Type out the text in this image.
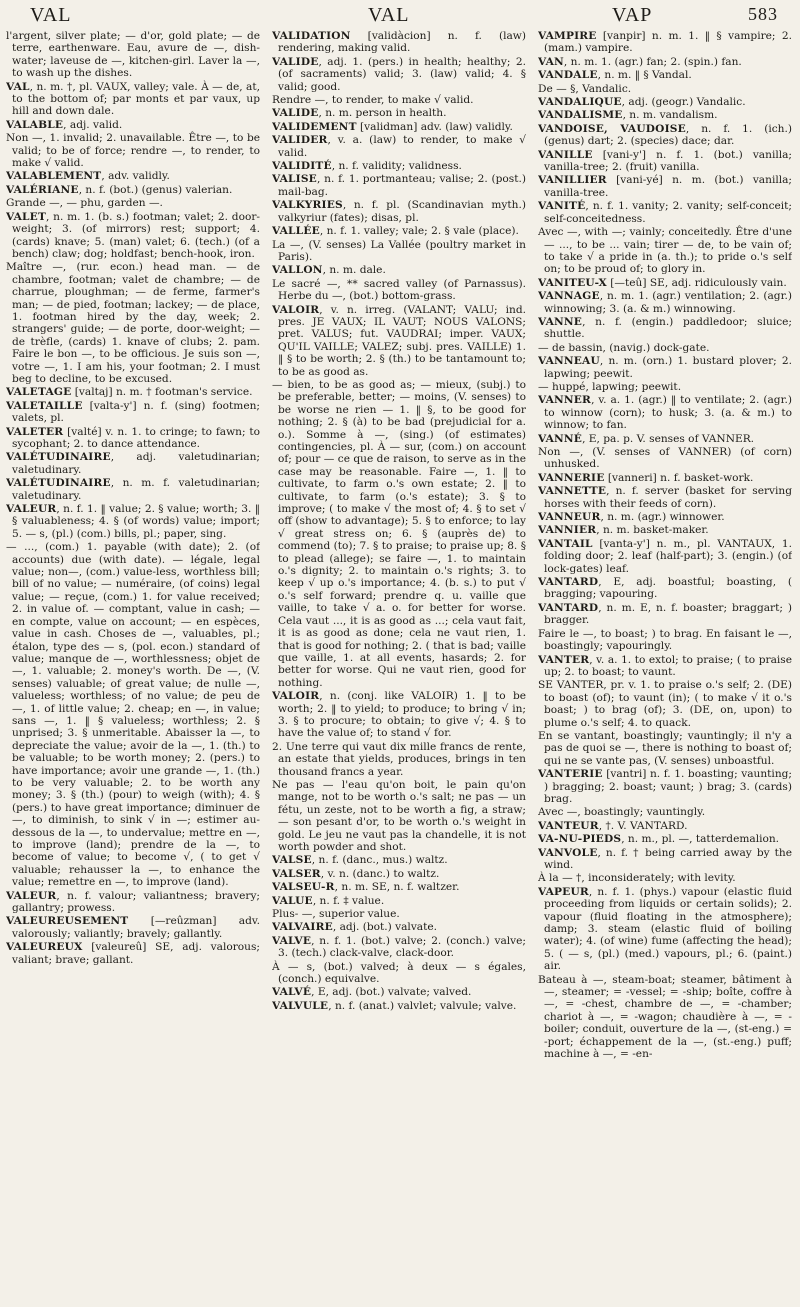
VAL	VAL	VAP	583

l'argent, silver plate; — d'or, gold plate; — de terre, earthenware. Eau, avure de —, dish-water; laveuse de —, kitchen-girl. Laver la —, to wash up the dishes.

VAL, n. m. †, pl. VAUX, valley; vale. À — de, at, to the bottom of; par monts et par vaux, up hill and down dale.

VALABLE, adj. valid.

Non —, 1. invalid; 2. unavailable. Être —, to be valid; to be of force; rendre —, to render, to make √ valid.

VALABLEMENT, adv. validly.

VALÉRIANE, n. f. (bot.) (genus) valerian.

Grande —, — phu, garden —.

VALET, n. m. 1. (b. s.) footman; valet; 2. door-weight; 3. (of mirrors) rest; support; 4. (cards) knave; 5. (man) valet; 6. (tech.) (of a bench) claw; dog; holdfast; bench-hook, iron.

Maître —, (rur. econ.) head man. — de chambre, footman; valet de chambre; — de charrue, ploughman; — de ferme, farmer's man; — de pied, footman; lackey; — de place, 1. footman hired by the day, week; 2. strangers' guide; — de porte, door-weight; — de trèfle, (cards) 1. knave of clubs; 2. pam. Faire le bon —, to be officious. Je suis son —, votre —, 1. I am his, your footman; 2. I must beg to decline, to be excused.

VALETAGE [valtaj] n. m. † footman's service.

VALETAILLE [valta-y'] n. f. (sing) footmen; valets, pl.

VALETER [valté] v. n. 1. to cringe; to fawn; to sycophant; 2. to dance attendance.

VALÉTUDINAIRE, adj. valetudinarian; valetudinary.

VALÉTUDINAIRE, n. m. f. valetudinarian; valetudinary.

VALEUR, n. f. 1. ‖ value; 2. § value; worth; 3. ‖ § valuableness; 4. § (of words) value; import; 5. — s, (pl.) (com.) bills, pl.; paper, sing.

— ..., (com.) 1. payable (with date); 2. (of accounts) due (with date). — légale, legal value; non—, (com.) value-less, worthless bill; bill of no value; — numéraire, (of coins) legal value; — reçue, (com.) 1. for value received; 2. in value of. — comptant, value in cash; — en compte, value on account; — en espèces, value in cash. Choses de —, valuables, pl.; étalon, type des — s, (pol. econ.) standard of value; manque de —, worthlessness; objet de —, 1. valuable; 2. money's worth. De —, (V. senses) valuable; of great value; de nulle —, valueless; worthless; of no value; de peu de —, 1. of little value; 2. cheap; en —, in value; sans —, 1. ‖ § valueless; worthless; 2. § unprised; 3. § unmeritable. Abaisser la —, to depreciate the value; avoir de la —, 1. (th.) to be valuable; to be worth money; 2. (pers.) to have importance; avoir une grande —, 1. (th.) to be very valuable; 2. to be worth any money; 3. § (th.) (pour) to weigh (with); 4. § (pers.) to have great importance; diminuer de —, to diminish, to sink √ in —; estimer au-dessous de la —, to undervalue; mettre en —, to improve (land); prendre de la —, to become of value; to become √, ( to get √ valuable; rehausser la —, to enhance the value; remettre en —, to improve (land).

VALEUR, n. f. valour; valiantness; bravery; gallantry; prowess.

VALEUREUSEMENT [—reûzman] adv. valorously; valiantly; bravely; gallantly.

VALEUREUX [valeureû] SE, adj. valorous; valiant; brave; gallant.

VALIDATION [validàcion] n. f. (law) rendering, making valid.

VALIDE, adj. 1. (pers.) in health; healthy; 2. (of sacraments) valid; 3. (law) valid; 4. § valid; good.

Rendre —, to render, to make √ valid.

VALIDE, n. m. person in health.

VALIDEMENT [validman] adv. (law) validly.

VALIDER, v. a. (law) to render, to make √ valid.

VALIDITÉ, n. f. validity; validness.

VALISE, n. f. 1. portmanteau; valise; 2. (post.) mail-bag.

VALKYRIES, n. f. pl. (Scandinavian myth.) valkyriur (fates); disas, pl.

VALLÉE, n. f. 1. valley; vale; 2. § vale (place).

La —, (V. senses) La Vallée (poultry market in Paris).

VALLON, n. m. dale.

Le sacré —, ** sacred valley (of Parnassus). Herbe du —, (bot.) bottom-grass.

VALOIR, v. n. irreg. (VALANT; VALU; ind. pres. JE VAUX; IL VAUT; NOUS VALONS; pret. VALUS; fut. VAUDRAI; imper. VAUX; QU'IL VAILLE; VALEZ; subj. pres. VAILLE) 1. ‖ § to be worth; 2. § (th.) to be tantamount to; to be as good as.

— bien, to be as good as; — mieux, (subj.) to be preferable, better; — moins, (V. senses) to be worse ne rien — 1. ‖ §, to be good for nothing; 2. § (à) to be bad (prejudicial for a. o.). Somme à —, (sing.) (of estimates) contingencies, pl. À — sur, (com.) on account of; pour — ce que de raison, to serve as in the case may be reasonable. Faire —, 1. ‖ to cultivate, to farm o.'s own estate; 2. ‖ to cultivate, to farm (o.'s estate); 3. § to improve; ( to make √ the most of; 4. § to set √ off (show to advantage); 5. § to enforce; to lay √ great stress on; 6. § (auprès de) to commend (to); 7. § to praise; to praise up; 8. § to plead (allege); se faire —, 1. to maintain o.'s dignity; 2. to maintain o.'s rights; 3. to keep √ up o.'s importance; 4. (b. s.) to put √ o.'s self forward; prendre q. u. vaille que vaille, to take √ a. o. for better for worse. Cela vaut ..., it is as good as ...; cela vaut fait, it is as good as done; cela ne vaut rien, 1. that is good for nothing; 2. ( that is bad; vaille que vaille, 1. at all events, hasards; 2. for better for worse. Qui ne vaut rien, good for nothing.

VALOIR, n. (conj. like VALOIR) 1. ‖ to be worth; 2. ‖ to yield; to produce; to bring √ in; 3. § to procure; to obtain; to give √; 4. § to have the value of; to stand √ for.

2. Une terre qui vaut dix mille francs de rente, an estate that yields, produces, brings in ten thousand francs a year.

Ne pas — l'eau qu'on boit, le pain qu'on mange, not to be worth o.'s salt; ne pas — un fétu, un zeste, not to be worth a fig, a straw; — son pesant d'or, to be worth o.'s weight in gold. Le jeu ne vaut pas la chandelle, it is not worth powder and shot.

VALSE, n. f. (danc., mus.) waltz.

VALSER, v. n. (danc.) to waltz.

VALSEU-R, n. m. SE, n. f. waltzer.

VALUE, n. f. ‡ value.

Plus- —, superior value.

VALVAIRE, adj. (bot.) valvate.

VALVE, n. f. 1. (bot.) valve; 2. (conch.) valve; 3. (tech.) clack-valve, clack-door.

À — s, (bot.) valved; à deux — s égales, (conch.) equivalve.

VALVÉ, E, adj. (bot.) valvate; valved.

VALVULE, n. f. (anat.) valvlet; valvule; valve.

VAMPIRE [vanpir] n. m. 1. ‖ § vampire; 2. (mam.) vampire.

VAN, n. m. 1. (agr.) fan; 2. (spin.) fan.

VANDALE, n. m. ‖ § Vandal.

De — §, Vandalic.

VANDALIQUE, adj. (geogr.) Vandalic.

VANDALISME, n. m. vandalism.

VANDOISE, VAUDOISE, n. f. 1. (ich.) (genus) dart; 2. (species) dace; dar.

VANILLE [vani-y'] n. f. 1. (bot.) vanilla; vanilla-tree; 2. (fruit) vanilla.

VANILLIER [vani-yé] n. m. (bot.) vanilla; vanilla-tree.

VANITÉ, n. f. 1. vanity; 2. vanity; self-conceit; self-conceitedness.

Avec —, with —; vainly; conceitedly. Être d'une — ..., to be ... vain; tirer — de, to be vain of; to take √ a pride in (a. th.); to pride o.'s self on; to be proud of; to glory in.

VANITEU-X [—teû] SE, adj. ridiculously vain.

VANNAGE, n. m. 1. (agr.) ventilation; 2. (agr.) winnowing; 3. (a. & m.) winnowing.

VANNE, n. f. (engin.) paddledoor; sluice; shuttle.

— de bassin, (navig.) dock-gate.

VANNEAU, n. m. (orn.) 1. bustard plover; 2. lapwing; peewit.

— huppé, lapwing; peewit.

VANNER, v. a. 1. (agr.) ‖ to ventilate; 2. (agr.) to winnow (corn); to husk; 3. (a. & m.) to winnow; to fan.

VANNÉ, E, pa. p. V. senses of VANNER.

Non —, (V. senses of VANNER) (of corn) unhusked.

VANNERIE [vanneri] n. f. basket-work.

VANNETTE, n. f. server (basket for serving horses with their feeds of corn).

VANNEUR, n. m. (agr.) winnower.

VANNIER, n. m. basket-maker.

VANTAIL [vanta-y'] n. m., pl. VANTAUX, 1. folding door; 2. leaf (half-part); 3. (engin.) (of lock-gates) leaf.

VANTARD, E, adj. boastful; boasting, ( bragging; vapouring.

VANTARD, n. m. E, n. f. boaster; braggart; ) bragger.

Faire le —, to boast; ) to brag. En faisant le —, boastingly; vapouringly.

VANTER, v. a. 1. to extol; to praise; ( to praise up; 2. to boast; to vaunt.

SE VANTER, pr. v. 1. to praise o.'s self; 2. (DE) to boast (of); to vaunt (in); ( to make √ it o.'s boast; ) to brag (of); 3. (DE, on, upon) to plume o.'s self; 4. to quack.

En se vantant, boastingly; vauntingly; il n'y a pas de quoi se —, there is nothing to boast of; qui ne se vante pas, (V. senses) unboastful.

VANTERIE [vantri] n. f. 1. boasting; vaunting; ) bragging; 2. boast; vaunt; ) brag; 3. (cards) brag.

Avec —, boastingly; vauntingly.

VANTEUR, †. V. VANTARD.

VA-NU-PIEDS, n. m., pl. —, tatterdemalion.

VANVOLE, n. f. † being carried away by the wind.

À la — †, inconsiderately; with levity.

VAPEUR, n. f. 1. (phys.) vapour (elastic fluid proceeding from liquids or certain solids); 2. vapour (fluid floating in the atmosphere); damp; 3. steam (elastic fluid of boiling water); 4. (of wine) fume (affecting the head); 5. ( — s, (pl.) (med.) vapours, pl.; 6. (paint.) air.

Bateau à —, steam-boat; steamer, bâtiment à —, steamer; = -vessel; = -ship; boîte, coffre à —, = -chest, chambre de —, = -chamber; chariot à —, = -wagon; chaudière à —, = -boiler; conduit, ouverture de la —, (st-eng.) = -port; échappement de la —, (st.-eng.) puff; machine à —, = -en-
